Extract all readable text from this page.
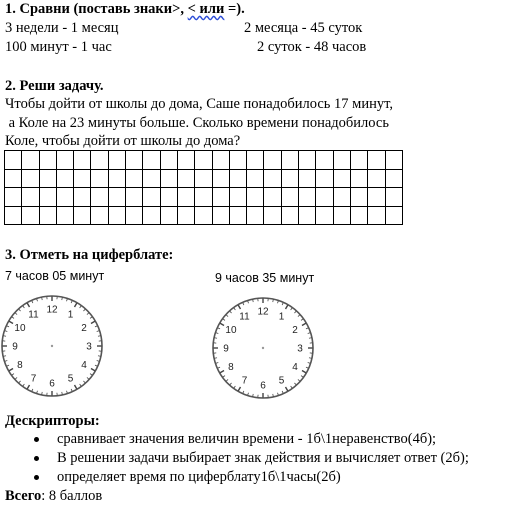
1. Сравни (поставь знаки>, < или =).
3 недели - 1 месяц	2 месяца - 45 суток
100 минут - 1 час	2 суток - 48 часов
2. Реши задачу.
Чтобы дойти от школы до дома, Саше понадобилось 17 минут,
а Коле на 23 минуты больше. Сколько времени понадобилось
Коле, чтобы дойти от школы до дома?

3. Отметь на циферблате:
7 часов 05 минут	9 часов 35 минут
12 1
2
3
4
5
6
7
8
9
10
11	12 1
2
3
4
5
6
7
8
9
10
11
Дескрипторы:
сравнивает значения величин времени - 1б\1неравенство(4б);
В решении задачи выбирает знак действия и вычисляет ответ (2б);
определяет время по циферблату1б\1часы(2б)
Всего: 8 баллов
